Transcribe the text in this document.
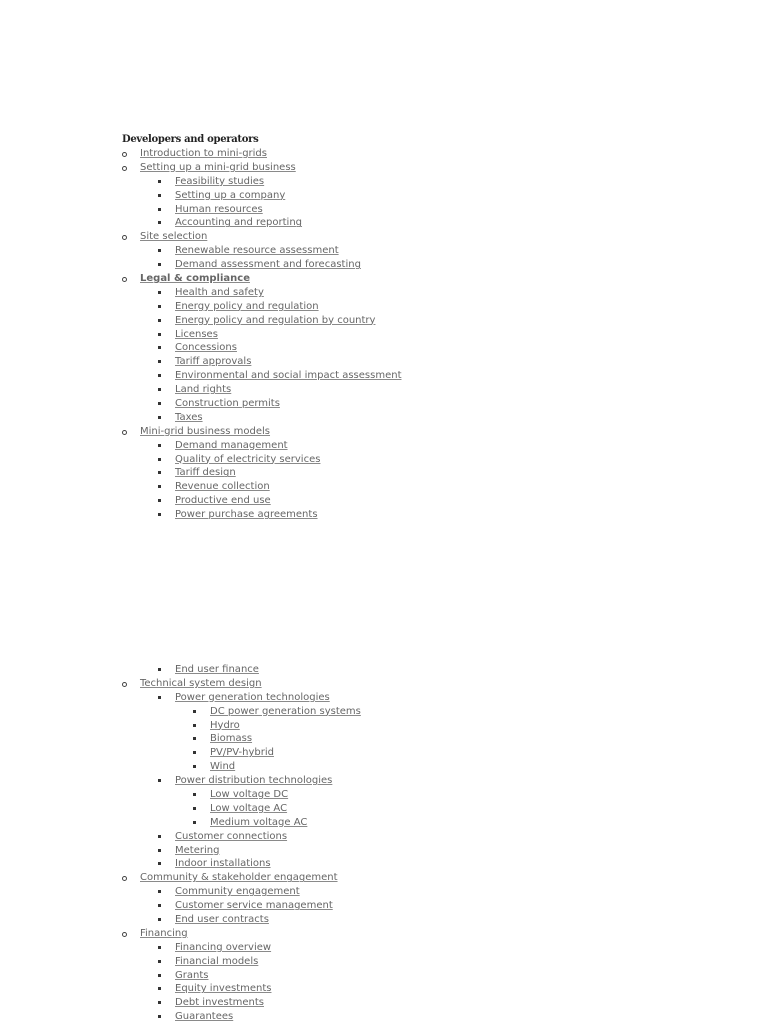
Developers and operators
Introduction to mini-grids
Setting up a mini-grid business
Feasibility studies
Setting up a company
Human resources
Accounting and reporting
Site selection
Renewable resource assessment
Demand assessment and forecasting
Legal & compliance
Health and safety
Energy policy and regulation
Energy policy and regulation by country
Licenses
Concessions
Tariff approvals
Environmental and social impact assessment
Land rights
Construction permits
Taxes
Mini-grid business models
Demand management
Quality of electricity services
Tariff design
Revenue collection
Productive end use
Power purchase agreements
End user finance
Technical system design
Power generation technologies
DC power generation systems
Hydro
Biomass
PV/PV-hybrid
Wind
Power distribution technologies
Low voltage DC
Low voltage AC
Medium voltage AC
Customer connections
Metering
Indoor installations
Community & stakeholder engagement
Community engagement
Customer service management
End user contracts
Financing
Financing overview
Financial models
Grants
Equity investments
Debt investments
Guarantees
